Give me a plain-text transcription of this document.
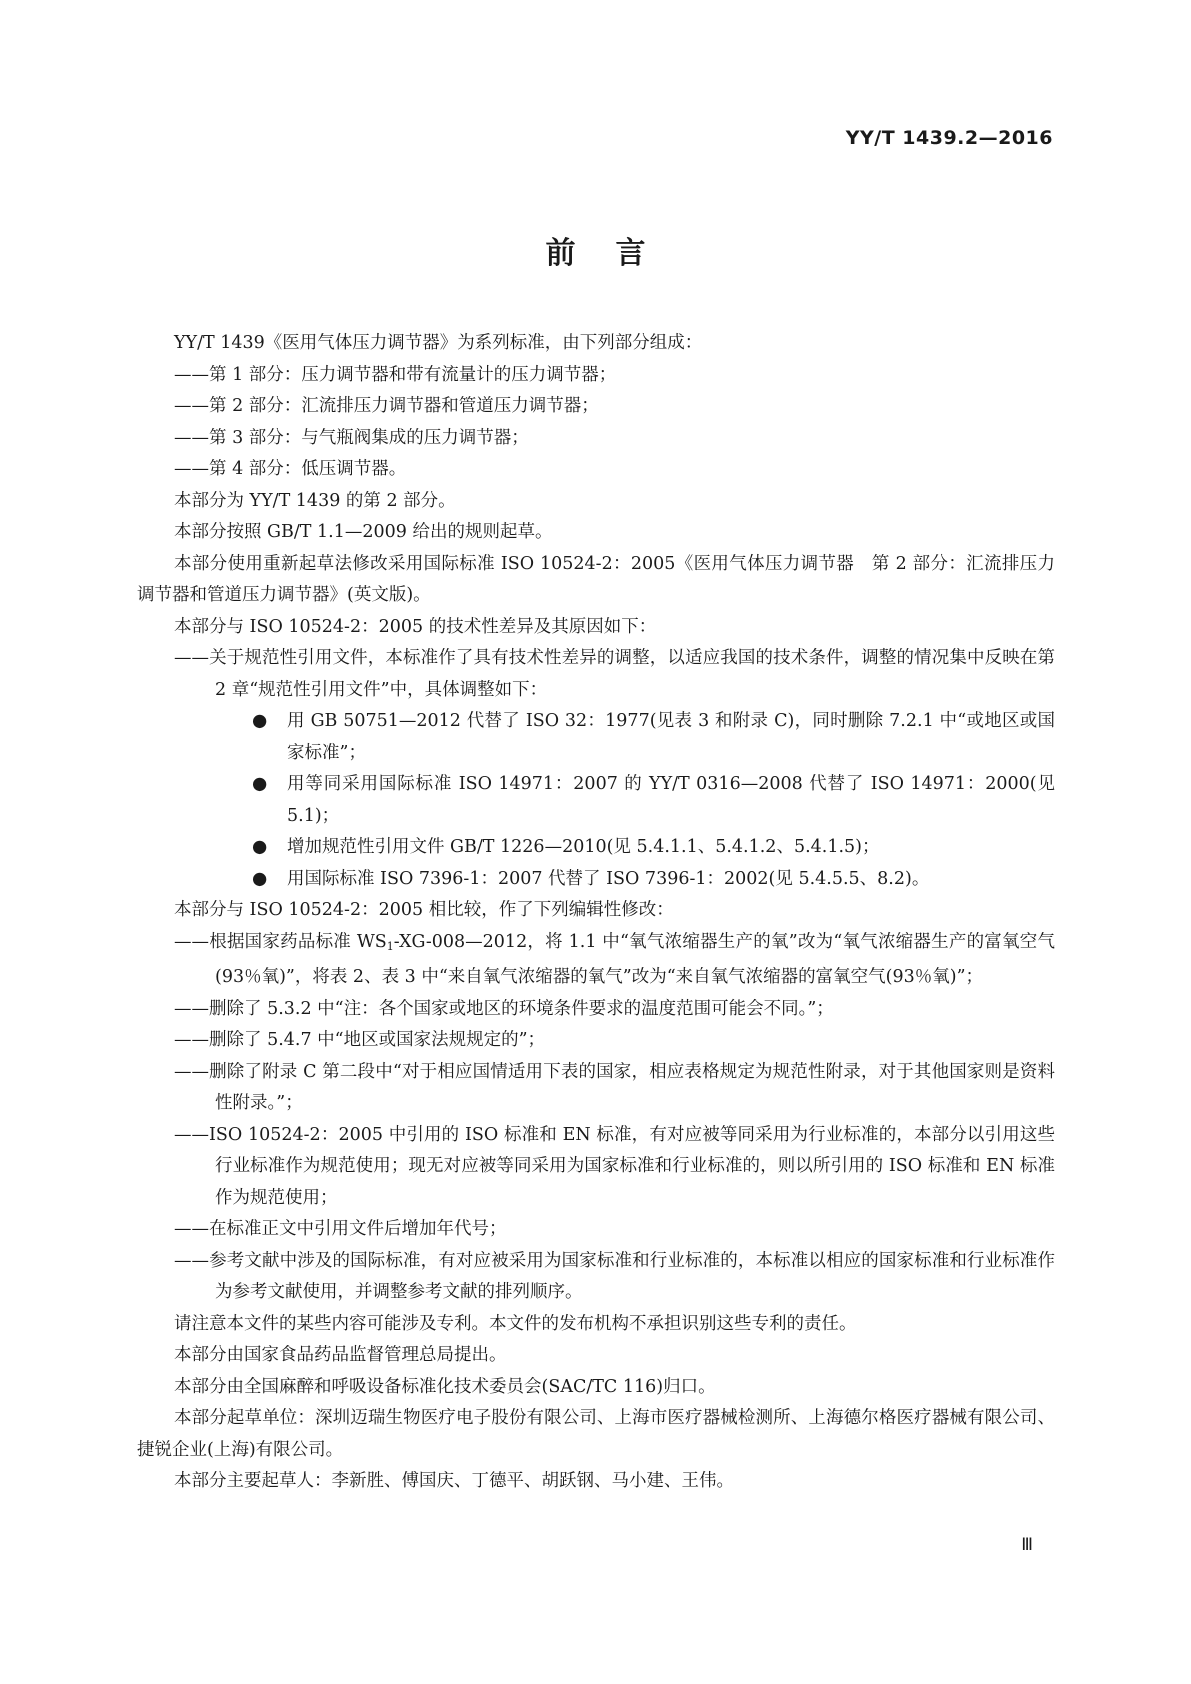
YY/T 1439.2—2016
前言

YY/T 1439《医用气体压力调节器》为系列标准，由下列部分组成：

——第 1 部分：压力调节器和带有流量计的压力调节器；

——第 2 部分：汇流排压力调节器和管道压力调节器；

——第 3 部分：与气瓶阀集成的压力调节器；

——第 4 部分：低压调节器。

本部分为 YY/T 1439 的第 2 部分。

本部分按照 GB/T 1.1—2009 给出的规则起草。

本部分使用重新起草法修改采用国际标准 ISO 10524-2：2005《医用气体压力调节器　第 2 部分：汇流排压力调节器和管道压力调节器》(英文版)。

本部分与 ISO 10524-2：2005 的技术性差异及其原因如下：

——关于规范性引用文件，本标准作了具有技术性差异的调整，以适应我国的技术条件，调整的情况集中反映在第 2 章“规范性引用文件”中，具体调整如下：

●	用 GB 50751—2012 代替了 ISO 32：1977(见表 3 和附录 C)，同时删除 7.2.1 中“或地区或国家标准”；
●	用等同采用国际标准 ISO 14971：2007 的 YY/T 0316—2008 代替了 ISO 14971：2000(见 5.1)；
●	增加规范性引用文件 GB/T 1226—2010(见 5.4.1.1、5.4.1.2、5.4.1.5)；
●	用国际标准 ISO 7396-1：2007 代替了 ISO 7396-1：2002(见 5.4.5.5、8.2)。

本部分与 ISO 10524-2：2005 相比较，作了下列编辑性修改：

——根据国家药品标准 $WS_1-XG-008—2012$，将 1.1 中“氧气浓缩器生产的氧”改为“氧气浓缩器生产的富氧空气(93％氧)”，将表 2、表 3 中“来自氧气浓缩器的氧气”改为“来自氧气浓缩器的富氧空气(93％氧)”；

——删除了 5.3.2 中“注：各个国家或地区的环境条件要求的温度范围可能会不同。”；

——删除了 5.4.7 中“地区或国家法规规定的”；

——删除了附录 C 第二段中“对于相应国情适用下表的国家，相应表格规定为规范性附录，对于其他国家则是资料性附录。”；

——ISO 10524-2：2005 中引用的 ISO 标准和 EN 标准，有对应被等同采用为行业标准的，本部分以引用这些行业标准作为规范使用；现无对应被等同采用为国家标准和行业标准的，则以所引用的 ISO 标准和 EN 标准作为规范使用；

——在标准正文中引用文件后增加年代号；

——参考文献中涉及的国际标准，有对应被采用为国家标准和行业标准的，本标准以相应的国家标准和行业标准作为参考文献使用，并调整参考文献的排列顺序。

请注意本文件的某些内容可能涉及专利。本文件的发布机构不承担识别这些专利的责任。

本部分由国家食品药品监督管理总局提出。

本部分由全国麻醉和呼吸设备标准化技术委员会(SAC/TC 116)归口。

本部分起草单位：深圳迈瑞生物医疗电子股份有限公司、上海市医疗器械检测所、上海德尔格医疗器械有限公司、捷锐企业(上海)有限公司。

本部分主要起草人：李新胜、傅国庆、丁德平、胡跃钢、马小建、王伟。

Ⅲ
